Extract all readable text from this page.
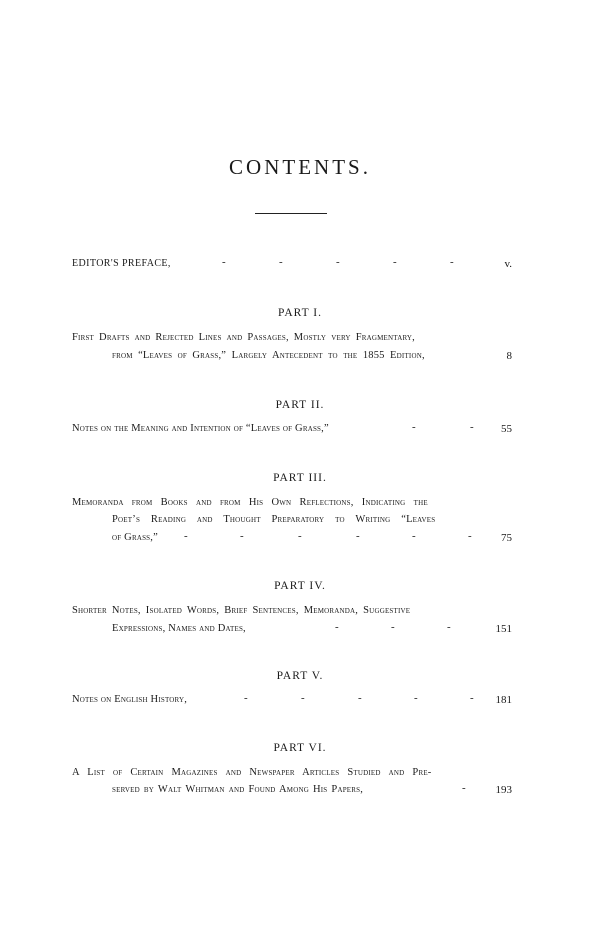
CONTENTS.
EDITOR'S PREFACE,	-	-	-	-	-	v.
PART I.
First Drafts and Rejected Lines and Passages, Mostly very Fragmentary,
from “Leaves of Grass,” Largely Antecedent to the 1855 Edition,	8
PART II.
Notes on the Meaning and Intention of “Leaves of Grass,”	-	- 55
PART III.
Memoranda from Books and from His Own Reflections, Indicating the
Poet’s Reading and Thought Preparatory to Writing “Leaves
of Grass,” -	-	-	-	-	-	75
PART IV.
Shorter Notes, Isolated Words, Brief Sentences, Memoranda, Suggestive
Expressions, Names and Dates,	-	-	-	151
PART V.
Notes on English History,	-	-	-	-	- 181
PART VI.
A List of Certain Magazines and Newspaper Articles Studied and Pre-
served by Walt Whitman and Found Among His Papers,	-	193
